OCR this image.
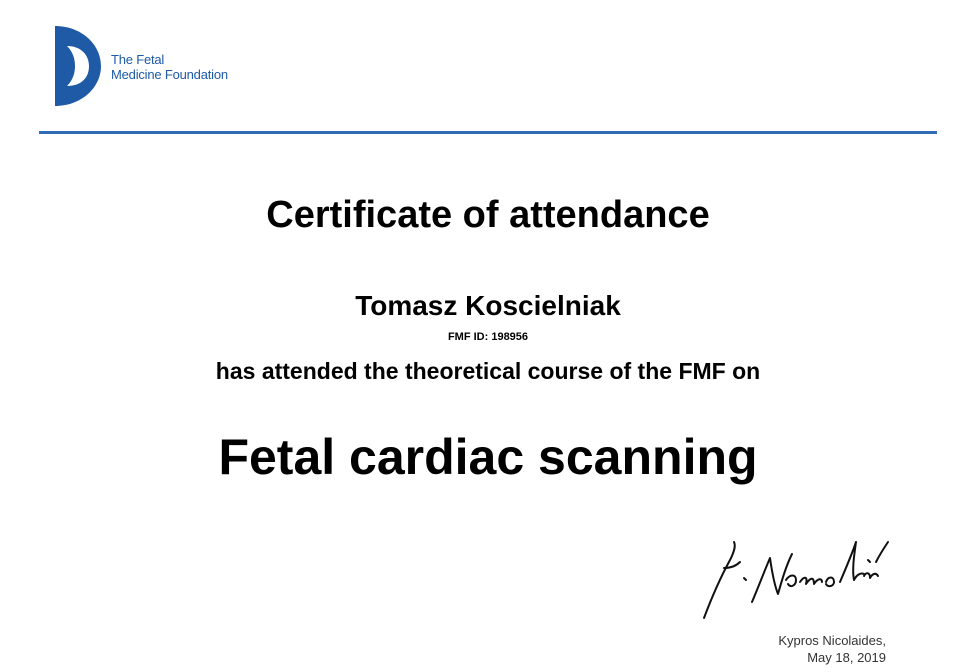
The Fetal
Medicine Foundation
Certificate of attendance
Tomasz Koscielniak
FMF ID: 198956
has attended the theoretical course of the FMF on
Fetal cardiac scanning
Kypros Nicolaides,
May 18, 2019
